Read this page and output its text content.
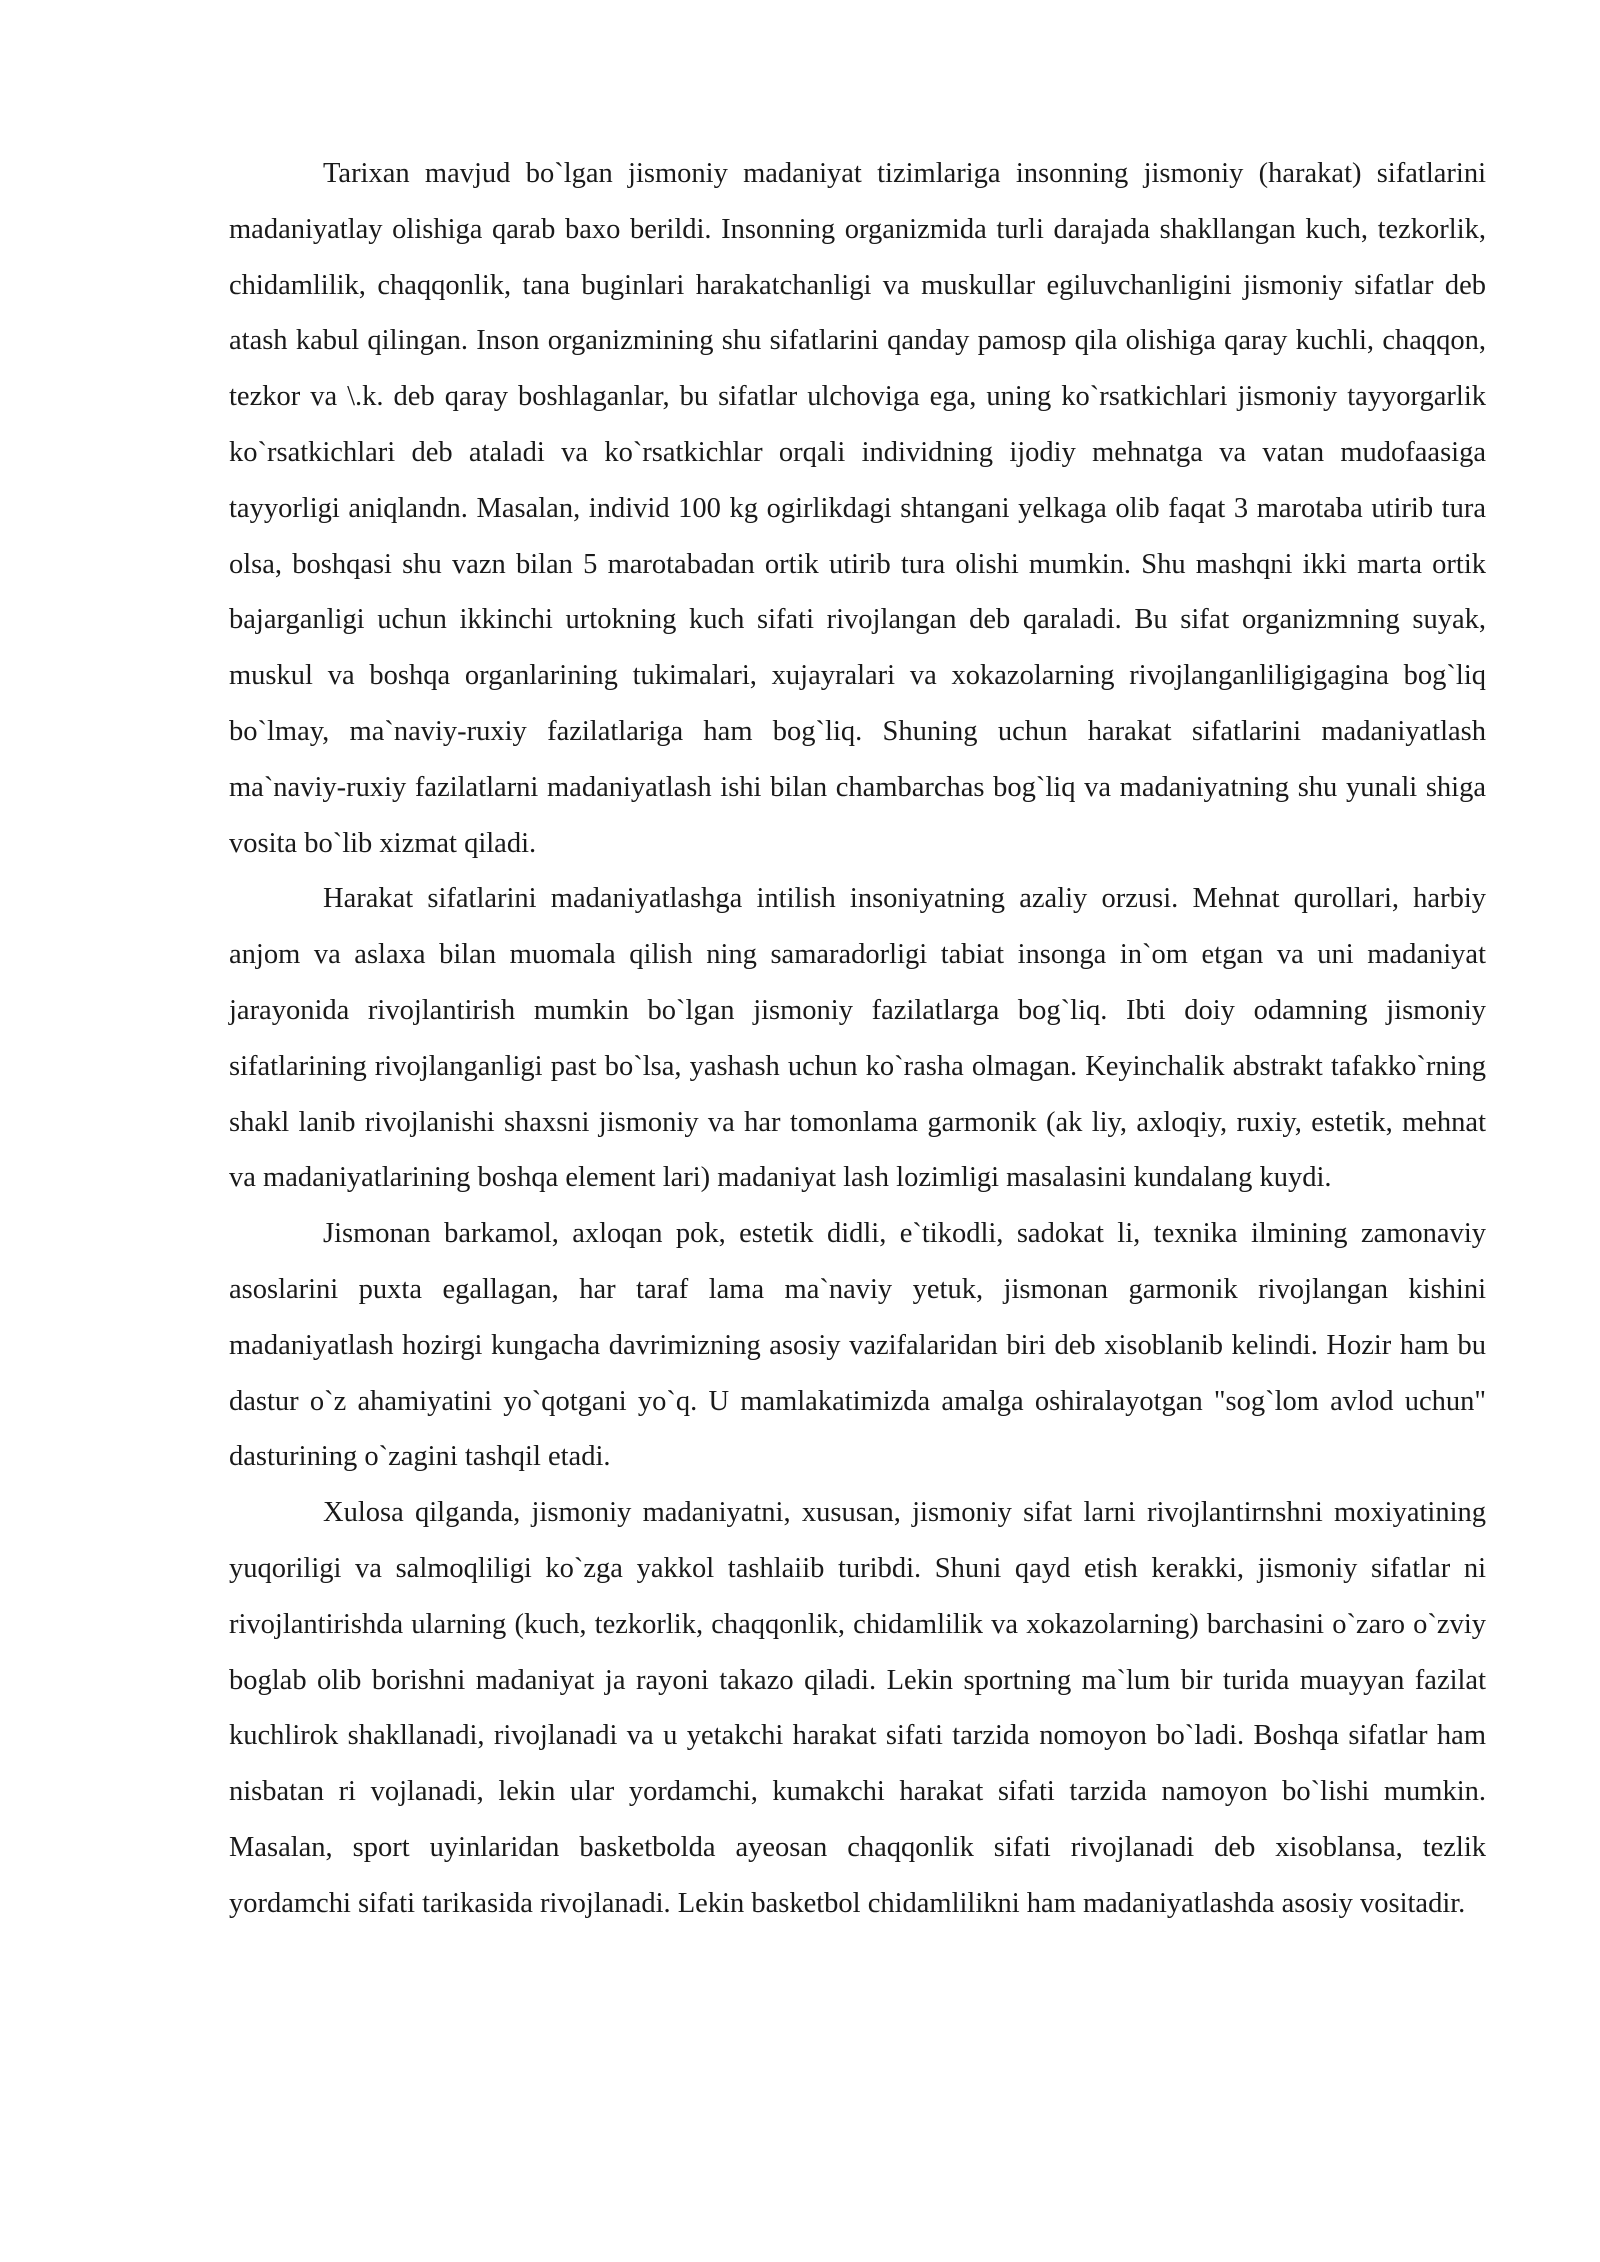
Tarixan mavjud bo`lgan jismoniy madaniyat tizimlariga insonning jismoniy (harakat) sifatlarini madaniyatlay olishiga qarab baxo berildi. Insonning organizmida turli darajada shakllangan kuch, tezkorlik, chidamlilik, chaqqonlik, tana buginlari harakatchanligi va muskullar egiluvchanligini jismoniy sifatlar deb atash kabul qilingan. Inson organizmining shu sifatlarini qanday pamosp qila olishiga qaray kuchli, chaqqon, tezkor va \.k. deb qaray boshlaganlar, bu sifatlar ulchoviga ega, uning ko`rsatkichlari jismoniy tayyorgarlik ko`rsatkichlari deb ataladi va ko`rsatkichlar orqali individning ijodiy mehnatga va vatan mudofaasiga tayyorligi aniqlandn. Masalan, individ 100 kg ogirlikdagi shtangani yelkaga olib faqat 3 marotaba utirib tura olsa, boshqasi shu vazn bilan 5 marotabadan ortik utirib tura olishi mumkin. Shu mashqni ikki marta ortik bajarganligi uchun ikkinchi urtokning kuch sifati rivojlangan deb qaraladi. Bu sifat organizmning suyak, muskul va boshqa organlarining tukimalari, xujayralari va xokazolarning rivojlanganliligigagina bog`liq bo`lmay, ma`naviy-ruxiy fazilatlariga ham bog`liq. Shuning uchun harakat sifatlarini madaniyatlash ma`naviy-ruxiy fazilatlarni madaniyatlash ishi bilan chambarchas bog`liq va madaniyatning shu yunali shiga vosita bo`lib xizmat qiladi.

Harakat sifatlarini madaniyatlashga intilish insoniyatning azaliy orzusi. Mehnat qurollari, harbiy anjom va aslaxa bilan muomala qilish ning samaradorligi tabiat insonga in`om etgan va uni madaniyat jarayonida rivojlantirish mumkin bo`lgan jismoniy fazilatlarga bog`liq. Ibti doiy odamning jismoniy sifatlarining rivojlanganligi past bo`lsa, yashash uchun ko`rasha olmagan. Keyinchalik abstrakt tafakko`rning shakl lanib rivojlanishi shaxsni jismoniy va har tomonlama garmonik (ak liy, axloqiy, ruxiy, estetik, mehnat va madaniyatlarining boshqa element lari) madaniyat lash lozimligi masalasini kundalang kuydi.

Jismonan barkamol, axloqan pok, estetik didli, e`tikodli, sadokat li, texnika ilmining zamonaviy asoslarini puxta egallagan, har taraf lama ma`naviy yetuk, jismonan garmonik rivojlangan kishini madaniyatlash hozirgi kungacha davrimizning asosiy vazifalaridan biri deb xisoblanib kelindi. Hozir ham bu dastur o`z ahamiyatini yo`qotgani yo`q. U mamlakatimizda amalga oshiralayotgan "sog`lom avlod uchun" dasturining o`zagini tashqil etadi.

Xulosa qilganda, jismoniy madaniyatni, xususan, jismoniy sifat larni rivojlantirnshni moxiyatining yuqoriligi va salmoqliligi ko`zga yakkol tashlaiib turibdi. Shuni qayd etish kerakki, jismoniy sifatlar ni rivojlantirishda ularning (kuch, tezkorlik, chaqqonlik, chidamlilik va xokazolarning) barchasini o`zaro o`zviy boglab olib borishni madaniyat ja rayoni takazo qiladi. Lekin sportning ma`lum bir turida muayyan fazilat kuchlirok shakllanadi, rivojlanadi va u yetakchi harakat sifati tarzida nomoyon bo`ladi. Boshqa sifatlar ham nisbatan ri vojlanadi, lekin ular yordamchi, kumakchi harakat sifati tarzida namoyon bo`lishi mumkin. Masalan, sport uyinlaridan basketbolda ayeosan chaqqonlik sifati rivojlanadi deb xisoblansa, tezlik yordamchi sifati tarikasida rivojlanadi. Lekin basketbol chidamlilikni ham madaniyatlashda asosiy vositadir.
